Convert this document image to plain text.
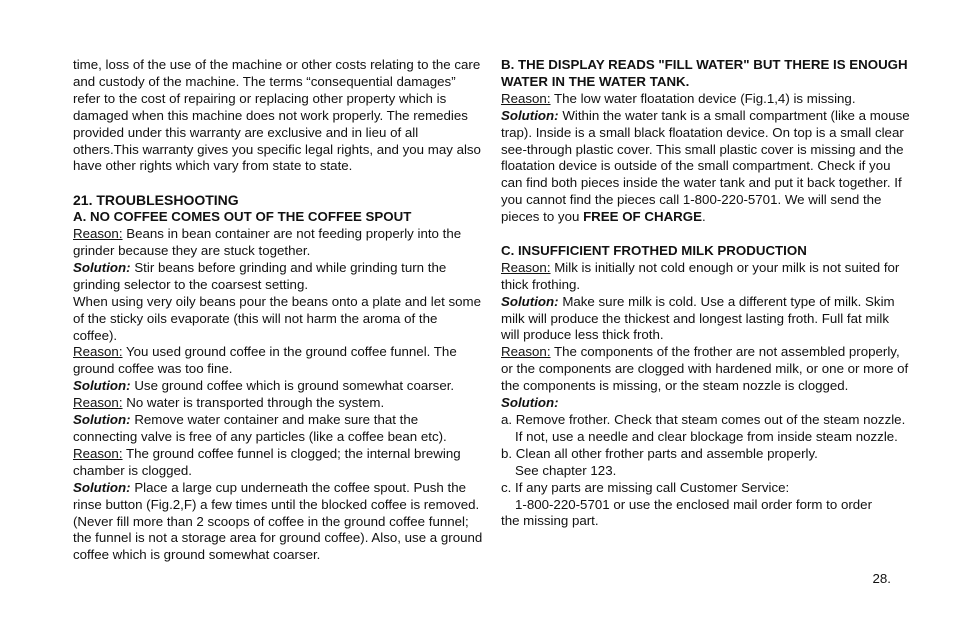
time, loss of the use of the machine or other costs relating to the care and custody of the machine. The terms “consequential damages” refer to the cost of repairing or replacing other property which is damaged when this machine does not work properly. The remedies provided under this warranty are exclusive and in lieu of all others.This warranty gives you specific legal rights, and you may also have other rights which vary from state to state.

21. TROUBLESHOOTING

A. NO COFFEE COMES OUT OF THE COFFEE SPOUT

Reason: Beans in bean container are not feeding properly into the grinder because they are stuck together.

Solution: Stir beans before grinding and while grinding turn the grinding selector to the coarsest setting.

When using very oily beans pour the beans onto a plate and let some of the sticky oils evaporate (this will not harm the aroma of the coffee).

Reason: You used ground coffee in the ground coffee funnel. The ground coffee was too fine.

Solution: Use ground coffee which is ground somewhat coarser.

Reason: No water is transported through the system.

Solution: Remove water container and make sure that the connecting valve is free of any particles (like a coffee bean etc).

Reason: The ground coffee funnel is clogged; the internal brewing chamber is clogged.

Solution: Place a large cup underneath the coffee spout. Push the rinse button (Fig.2,F) a few times until the blocked coffee is removed. (Never fill more than 2 scoops of coffee in the ground coffee funnel; the funnel is not a storage area for ground coffee). Also, use a ground coffee which is ground somewhat coarser.

B. THE DISPLAY READS "FILL WATER" BUT THERE IS ENOUGH WATER IN THE WATER TANK.

Reason: The low water floatation device (Fig.1,4) is missing.

Solution: Within the water tank is a small compartment (like a mouse trap). Inside is a small black floatation device. On top is a small clear see-through plastic cover. This small plastic cover is missing and the floatation device is outside of the small compartment. Check if you can find both pieces inside the water tank and put it back together. If you cannot find the pieces call 1-800-220-5701. We will send the pieces to you FREE OF CHARGE.

C. INSUFFICIENT FROTHED MILK PRODUCTION

Reason: Milk is initially not cold enough or your milk is not suited for thick frothing.

Solution: Make sure milk is cold. Use a different type of milk. Skim milk will produce the thickest and longest lasting froth. Full fat milk will produce less thick froth.

Reason: The components of the frother are not assembled properly, or the components are clogged with hardened milk, or one or more of the components is missing, or the steam nozzle is clogged.

Solution:

a. Remove frother. Check that steam comes out of the steam nozzle. If not, use a needle and clear blockage from inside steam nozzle.

b. Clean all other frother parts and assemble properly.

See chapter 123.

c. If any parts are missing call Customer Service:

1-800-220-5701 or use the enclosed mail order form to order

the missing part.

28.
